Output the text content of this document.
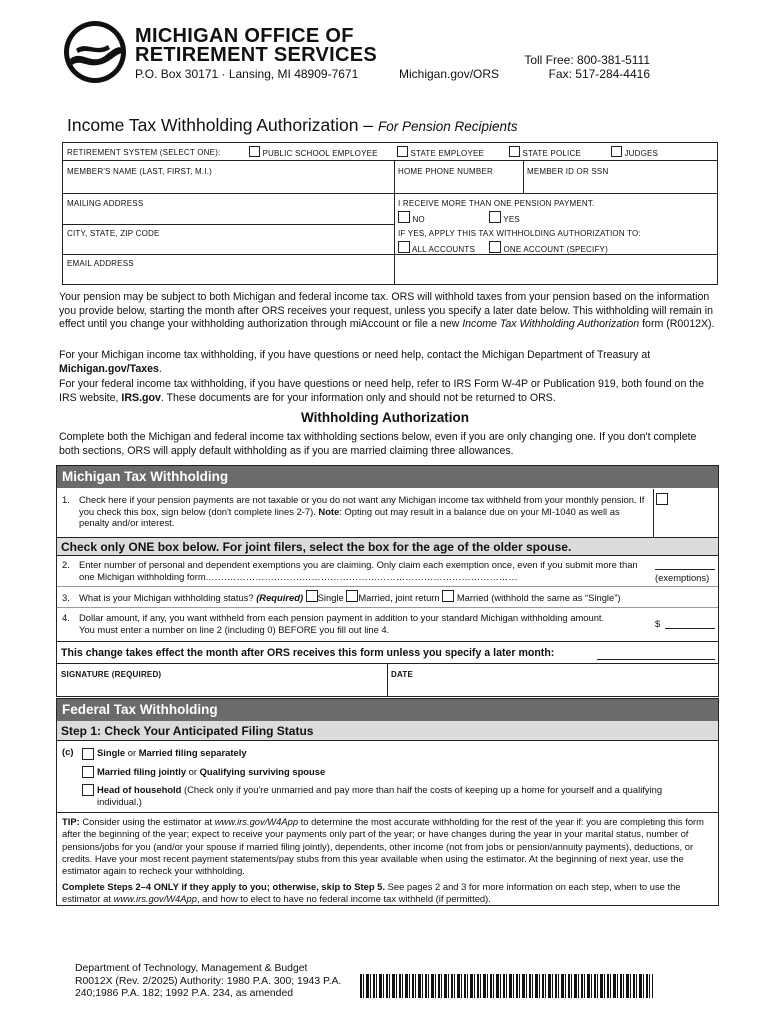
MICHIGAN OFFICE OF
RETIREMENT SERVICES
P.O. Box 30171 · Lansing, MI 48909-7671	Michigan.gov/ORS
Toll Free: 800-381-5111
Fax: 517-284-4416
Income Tax Withholding Authorization – For Pension Recipients
RETIREMENT SYSTEM (SELECT ONE):	PUBLIC SCHOOL EMPLOYEE	STATE EMPLOYEE	STATE POLICE	JUDGES
MEMBER'S NAME (LAST, FIRST, M.I.)	HOME PHONE NUMBER	MEMBER ID OR SSN
MAILING ADDRESS	I RECEIVE MORE THAN ONE PENSION PAYMENT.
NO	YES
CITY, STATE, ZIP CODE	IF YES, APPLY THIS TAX WITHHOLDING AUTHORIZATION TO:
ALL ACCOUNTS	ONE ACCOUNT (SPECIFY)
EMAIL ADDRESS
Your pension may be subject to both Michigan and federal income tax. ORS will withhold taxes from your pension based on the information you provide below, starting the month after ORS receives your request, unless you specify a later date below. This withholding will remain in effect until you change your withholding authorization through miAccount or file a new Income Tax Withholding Authorization form (R0012X).
For your Michigan income tax withholding, if you have questions or need help, contact the Michigan Department of Treasury at Michigan.gov/Taxes.
For your federal income tax withholding, if you have questions or need help, refer to IRS Form W-4P or Publication 919, both found on the IRS website, IRS.gov. These documents are for your information only and should not be returned to ORS.
Withholding Authorization
Complete both the Michigan and federal income tax withholding sections below, even if you are only changing one. If you don't complete both sections, ORS will apply default withholding as if you are married claiming three allowances.
Michigan Tax Withholding
1. Check here if your pension payments are not taxable or you do not want any Michigan income tax withheld from your monthly pension. If you check this box, sign below (don't complete lines 2-7). Note: Opting out may result in a balance due on your MI-1040 as well as penalty and/or interest.
Check only ONE box below. For joint filers, select the box for the age of the older spouse.
2. Enter number of personal and dependent exemptions you are claiming. Only claim each exemption once, even if you submit more than one Michigan withholding form.………………………………………………………………………………………	(exemptions)
3. What is your Michigan withholding status? (Required) Single Married, joint return Married (withhold the same as “Single”)
4. Dollar amount, if any, you want withheld from each pension payment in addition to your standard Michigan withholding amount. You must enter a number on line 2 (including 0) BEFORE you fill out line 4.
$
This change takes effect the month after ORS receives this form unless you specify a later month:
SIGNATURE (REQUIRED)	DATE
Federal Tax Withholding
Step 1: Check Your Anticipated Filing Status
(c)	Single or Married filing separately
Married filing jointly or Qualifying surviving spouse
Head of household (Check only if you're unmarried and pay more than half the costs of keeping up a home for yourself and a qualifying individual.)
TIP: Consider using the estimator at www.irs.gov/W4App to determine the most accurate withholding for the rest of the year if: you are completing this form after the beginning of the year; expect to receive your payments only part of the year; or have changes during the year in your marital status, number of pensions/jobs for you (and/or your spouse if married filing jointly), dependents, other income (not from jobs or pension/annuity payments), deductions, or credits. Have your most recent payment statements/pay stubs from this year available when using the estimator. At the beginning of next year, use the estimator again to recheck your withholding.
Complete Steps 2–4 ONLY if they apply to you; otherwise, skip to Step 5. See pages 2 and 3 for more information on each step, when to use the estimator at www.irs.gov/W4App, and how to elect to have no federal income tax withheld (if permitted).
Department of Technology, Management & Budget
R0012X (Rev. 2/2025) Authority: 1980 P.A. 300; 1943 P.A.
240;1986 P.A. 182; 1992 P.A. 234, as amended
